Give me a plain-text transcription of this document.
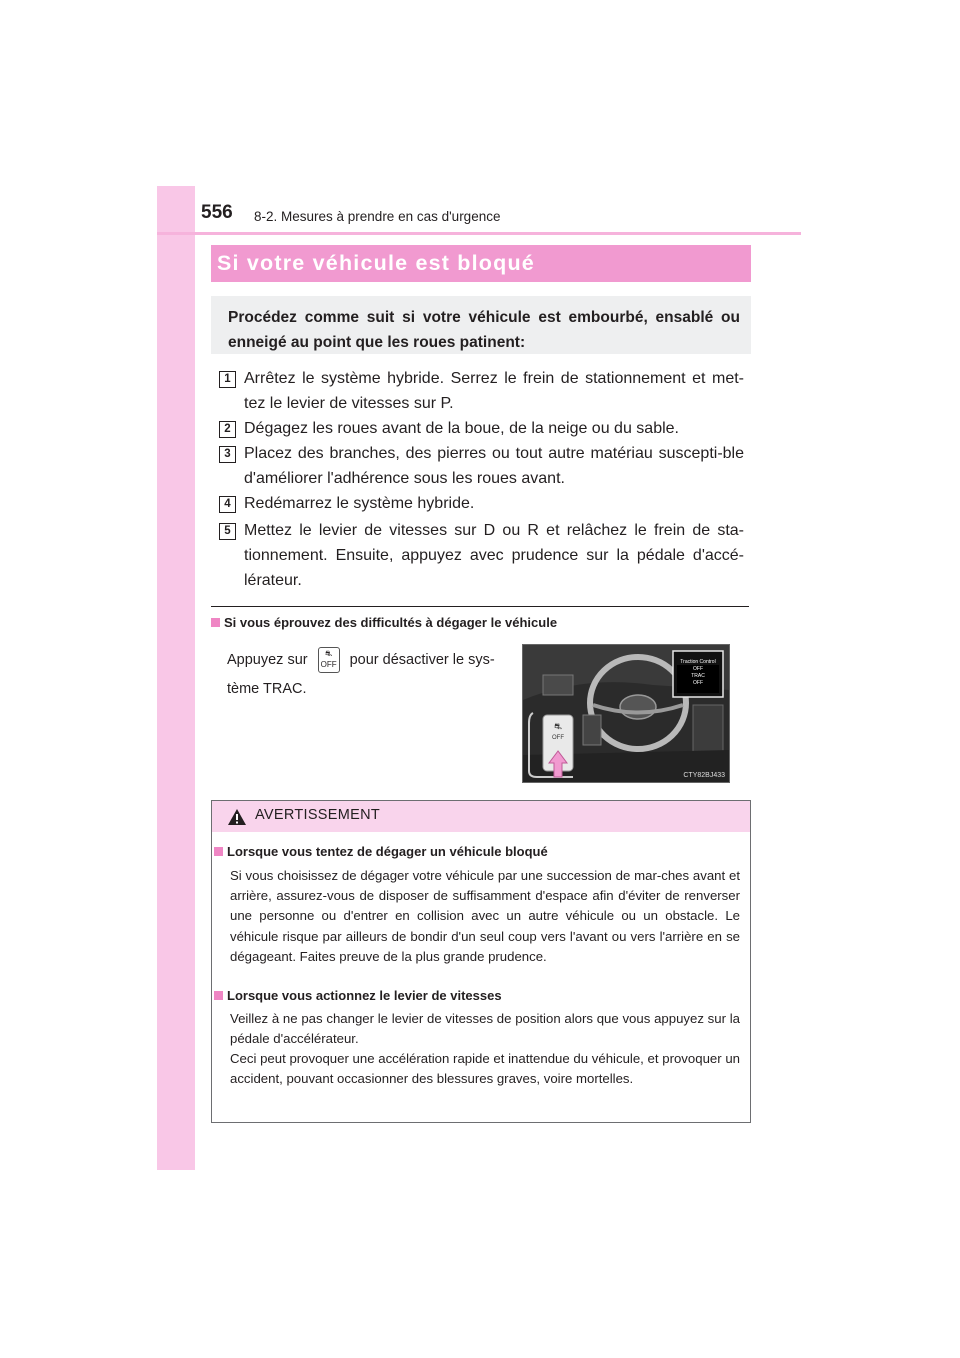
556 8-2. Mesures à prendre en cas d'urgence
Si votre véhicule est bloqué
Procédez comme suit si votre véhicule est embourbé, ensablé ou enneigé au point que les roues patinent:
1 Arrêtez le système hybride. Serrez le frein de stationnement et met-tez le levier de vitesses sur P.
2 Dégagez les roues avant de la boue, de la neige ou du sable.
3 Placez des branches, des pierres ou tout autre matériau suscepti-ble d'améliorer l'adhérence sous les roues avant.
4 Redémarrez le système hybride.
5 Mettez le levier de vitesses sur D ou R et relâchez le frein de sta-tionnement. Ensuite, appuyez avec prudence sur la pédale d'accé-lérateur.
Si vous éprouvez des difficultés à dégager le véhicule
Appuyez sur ⛐
OFF pour désactiver le sys-tème TRAC.
Traction Control
OFF
TRAC
OFF
⛐
OFF
CTY82BJ433
AVERTISSEMENT
Lorsque vous tentez de dégager un véhicule bloqué
Si vous choisissez de dégager votre véhicule par une succession de mar-ches avant et arrière, assurez-vous de disposer de suffisamment d'espace afin d'éviter de renverser une personne ou d'entrer en collision avec un autre véhicule ou un obstacle. Le véhicule risque par ailleurs de bondir d'un seul coup vers l'avant ou vers l'arrière en se dégageant. Faites preuve de la plus grande prudence.
Lorsque vous actionnez le levier de vitesses
Veillez à ne pas changer le levier de vitesses de position alors que vous appuyez sur la pédale d'accélérateur.
Ceci peut provoquer une accélération rapide et inattendue du véhicule, et provoquer un accident, pouvant occasionner des blessures graves, voire mortelles.
